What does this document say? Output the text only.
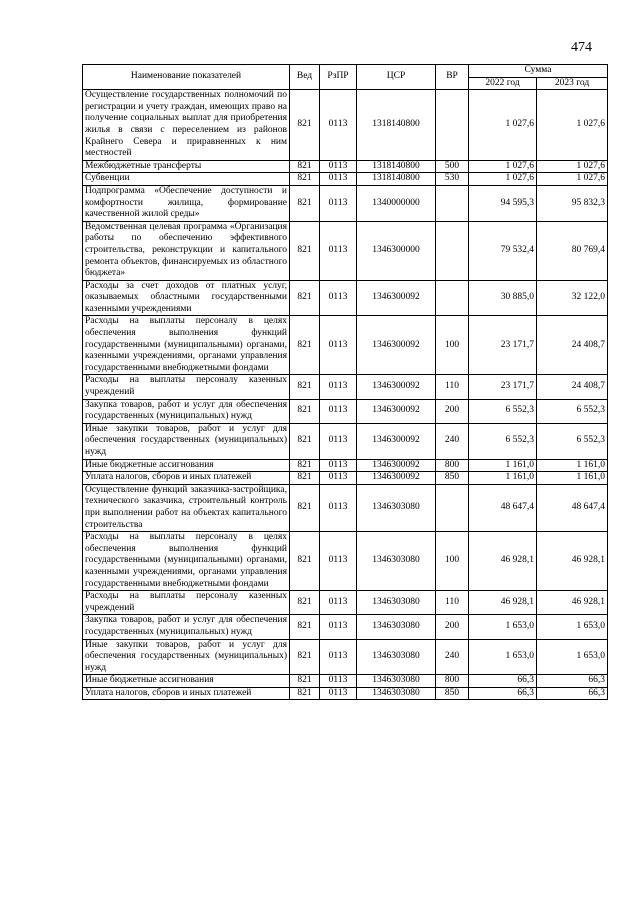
474
Наименование показателей	Вед	РзПР	ЦСР	ВР	Сумма	
					2022 год	2023 год
Осуществление государственных полномочий по регистрации и учету граждан, имеющих право на получение социальных выплат для приобретения жилья в связи с переселением из районов Крайнего Севера и приравненных к ним местностей	821	0113	1318140800		1 027,6	1 027,6
Межбюджетные трансферты	821	0113	1318140800	500	1 027,6	1 027,6
Субвенции	821	0113	1318140800	530	1 027,6	1 027,6
Подпрограмма «Обеспечение доступности и комфортности жилища, формирование качественной жилой среды»	821	0113	1340000000		94 595,3	95 832,3
Ведомственная целевая программа «Организация работы по обеспечению эффективного строительства, реконструкции и капитального ремонта объектов, финансируемых из областного бюджета»	821	0113	1346300000		79 532,4	80 769,4
Расходы за счет доходов от платных услуг, оказываемых областными государственными казенными учреждениями	821	0113	1346300092		30 885,0	32 122,0
Расходы на выплаты персоналу в целях обеспечения выполнения функций государственными (муниципальными) органами, казенными учреждениями, органами управления государственными внебюджетными фондами	821	0113	1346300092	100	23 171,7	24 408,7
Расходы на выплаты персоналу казенных учреждений	821	0113	1346300092	110	23 171,7	24 408,7
Закупка товаров, работ и услуг для обеспечения государственных (муниципальных) нужд	821	0113	1346300092	200	6 552,3	6 552,3
Иные закупки товаров, работ и услуг для обеспечения государственных (муниципальных) нужд	821	0113	1346300092	240	6 552,3	6 552,3
Иные бюджетные ассигнования	821	0113	1346300092	800	1 161,0	1 161,0
Уплата налогов, сборов и иных платежей	821	0113	1346300092	850	1 161,0	1 161,0
Осуществление функций заказчика-застройщика, технического заказчика, строительный контроль при выполнении работ на объектах капитального строительства	821	0113	1346303080		48 647,4	48 647,4
Расходы на выплаты персоналу в целях обеспечения выполнения функций государственными (муниципальными) органами, казенными учреждениями, органами управления государственными внебюджетными фондами	821	0113	1346303080	100	46 928,1	46 928,1
Расходы на выплаты персоналу казенных учреждений	821	0113	1346303080	110	46 928,1	46 928,1
Закупка товаров, работ и услуг для обеспечения государственных (муниципальных) нужд	821	0113	1346303080	200	1 653,0	1 653,0
Иные закупки товаров, работ и услуг для обеспечения государственных (муниципальных) нужд	821	0113	1346303080	240	1 653,0	1 653,0
Иные бюджетные ассигнования	821	0113	1346303080	800	66,3	66,3
Уплата налогов, сборов и иных платежей	821	0113	1346303080	850	66,3	66,3
